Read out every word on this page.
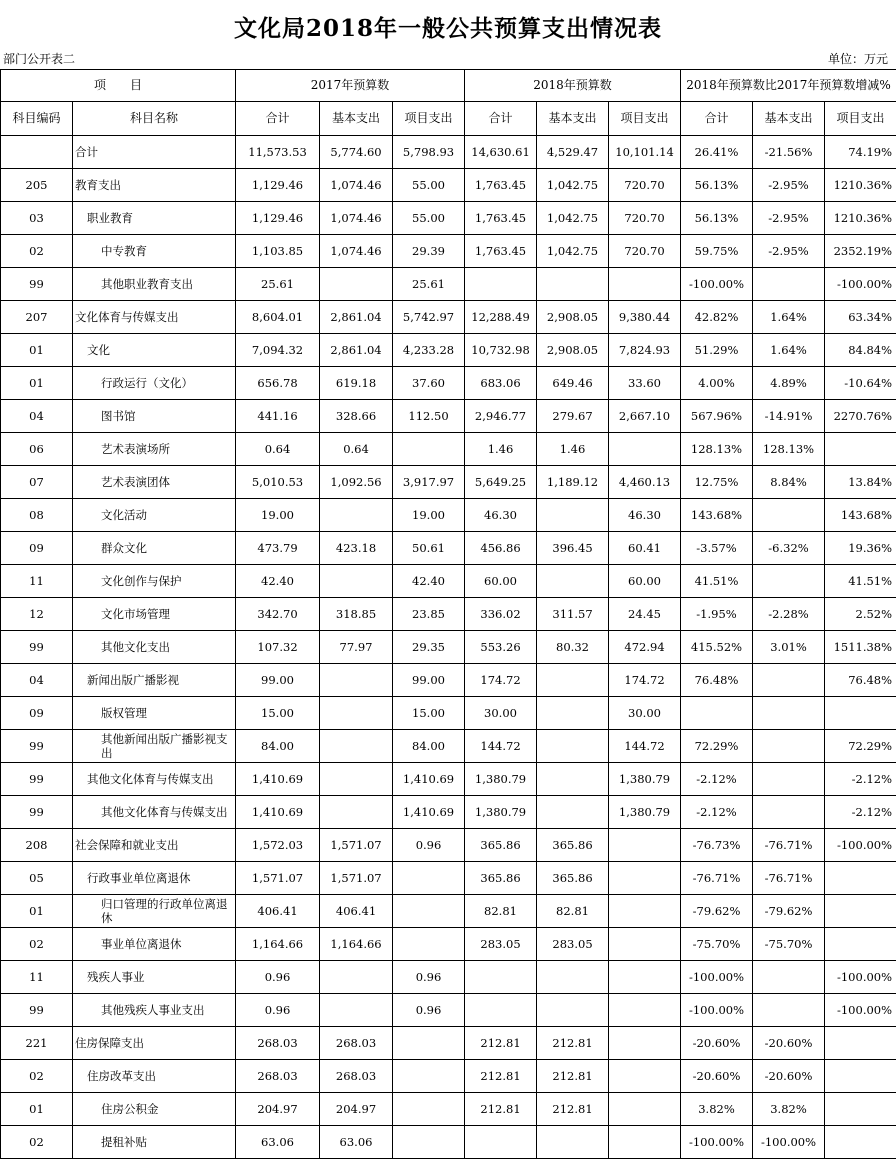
文化局2018年一般公共预算支出情况表
部门公开表二	单位：万元
项　　目		2017年预算数			2018年预算数			2018年预算数比2017年预算数增减%		
科目编码	科目名称	合计	基本支出	项目支出	合计	基本支出	项目支出	合计	基本支出	项目支出
	合计	11,573.53	5,774.60	5,798.93	14,630.61	4,529.47	10,101.14	26.41%	-21.56%	74.19%
205	教育支出	1,129.46	1,074.46	55.00	1,763.45	1,042.75	720.70	56.13%	-2.95%	1210.36%
03	职业教育	1,129.46	1,074.46	55.00	1,763.45	1,042.75	720.70	56.13%	-2.95%	1210.36%
02	中专教育	1,103.85	1,074.46	29.39	1,763.45	1,042.75	720.70	59.75%	-2.95%	2352.19%
99	其他职业教育支出	25.61		25.61				-100.00%		-100.00%
207	文化体育与传媒支出	8,604.01	2,861.04	5,742.97	12,288.49	2,908.05	9,380.44	42.82%	1.64%	63.34%
01	文化	7,094.32	2,861.04	4,233.28	10,732.98	2,908.05	7,824.93	51.29%	1.64%	84.84%
01	行政运行（文化）	656.78	619.18	37.60	683.06	649.46	33.60	4.00%	4.89%	-10.64%
04	图书馆	441.16	328.66	112.50	2,946.77	279.67	2,667.10	567.96%	-14.91%	2270.76%
06	艺术表演场所	0.64	0.64		1.46	1.46		128.13%	128.13%	
07	艺术表演团体	5,010.53	1,092.56	3,917.97	5,649.25	1,189.12	4,460.13	12.75%	8.84%	13.84%
08	文化活动	19.00		19.00	46.30		46.30	143.68%		143.68%
09	群众文化	473.79	423.18	50.61	456.86	396.45	60.41	-3.57%	-6.32%	19.36%
11	文化创作与保护	42.40		42.40	60.00		60.00	41.51%		41.51%
12	文化市场管理	342.70	318.85	23.85	336.02	311.57	24.45	-1.95%	-2.28%	2.52%
99	其他文化支出	107.32	77.97	29.35	553.26	80.32	472.94	415.52%	3.01%	1511.38%
04	新闻出版广播影视	99.00		99.00	174.72		174.72	76.48%		76.48%
09	版权管理	15.00		15.00	30.00		30.00			
99	其他新闻出版广播影视支出	84.00		84.00	144.72		144.72	72.29%		72.29%
99	其他文化体育与传媒支出	1,410.69		1,410.69	1,380.79		1,380.79	-2.12%		-2.12%
99	其他文化体育与传媒支出	1,410.69		1,410.69	1,380.79		1,380.79	-2.12%		-2.12%
208	社会保障和就业支出	1,572.03	1,571.07	0.96	365.86	365.86		-76.73%	-76.71%	-100.00%
05	行政事业单位离退休	1,571.07	1,571.07		365.86	365.86		-76.71%	-76.71%	
01	归口管理的行政单位离退休	406.41	406.41		82.81	82.81		-79.62%	-79.62%	
02	事业单位离退休	1,164.66	1,164.66		283.05	283.05		-75.70%	-75.70%	
11	残疾人事业	0.96		0.96				-100.00%		-100.00%
99	其他残疾人事业支出	0.96		0.96				-100.00%		-100.00%
221	住房保障支出	268.03	268.03		212.81	212.81		-20.60%	-20.60%	
02	住房改革支出	268.03	268.03		212.81	212.81		-20.60%	-20.60%	
01	住房公积金	204.97	204.97		212.81	212.81		3.82%	3.82%	
02	提租补贴	63.06	63.06					-100.00%	-100.00%	
